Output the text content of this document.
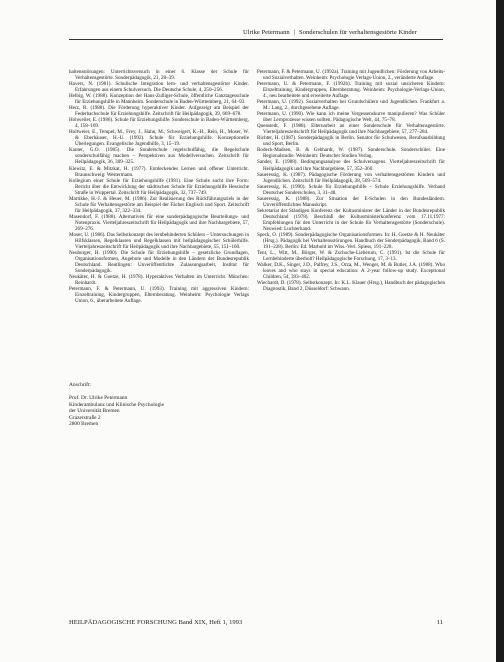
Ulrike Petermann | Sonderschulen für verhaltensgestörte Kinder

haltensstörungen: Unterrichtsversuch in einer 6. Klasse der Schule für Verhaltensgestörte. Sonderpädagogik, 21, 28–39.

Havers, N. (1981). Schulische Integration lern- und verhaltensgestörter Kinder. Erfahrungen aus einem Schulversuch. Die Deutsche Schule, 4, 250–256.

Helbig, W. (1988). Konzeption der Hans-Zulliger-Schule, öffentliche Ganztagesschule für Erziehungshilfe in Mannheim. Sonderschule in Baden-Württemberg, 21, 64–93.

Herz, R. (1988). Die Förderung hyperaktiver Kinder. Aufgezeigt am Beispiel der Federbachschule für Erziehungshilfe. Zeitschrift für Heilpädagogik, 39, 669–678.

Hohweiler, E. (1986). Schule für Erziehungshilfe. Sonderschule in Baden-Württemberg, 4, 158–169.

Holtweier, E., Tempel, M., Frey, J., Hahn, M., Schweigert, K.-H., Rein, H., Moser, W. & Eberhäuser, H.-U. (1992). Schule für Erziehungshilfe. Konzeptionelle Überlegungen. Evangelische Jugendhilfe, 3, 15–19.

Kanter, G.O. (1985). Die Sonderschule regelschulfähig, die Regelschule sonderschulfähig machen – Perspektiven aus Modellversuchen. Zeitschrift für Heilpädagogik, 36, 309–325.

Klewitz, E. & Mitzkat, H. (1977). Entdeckendes Lernen und offener Unterricht. Braunschweig: Westermann.

Kollegium einer Schule für Erziehungshilfe (1981). Eine Schule sucht ihre Form: Bericht über die Entwicklung der städtischen Schule für Erziehungshilfe Hessische Straße in Wuppertal. Zeitschrift für Heilpädagogik, 32, 737–749.

Martikke, H.-J. & Heuer, M. (1986). Zur Realisierung des Rückführungsziels in der Schule für Verhaltensgestörte am Beispiel der Fächer Englisch und Sport. Zeitschrift für Heilpädagogik, 37, 322–334.

Masendorf, F. (1988). Alternativen für eine sonderpädagogische Beurteilungs- und Notenpraxis. Vierteljahreszeitschrift für Heilpädagogik und ihre Nachbargebiete, 57, 269–276.

Moser, U. (1986). Das Selbstkonzept des lernbehinderten Schülers – Untersuchungen in Hilfsklassen, Regelklassen und Regelklassen mit heilpädagogischer Schülerhilfe. Vierteljahreszeitschrift für Heilpädagogik und ihre Nachbargebiete, 55, 151–160.

Neuburger, H. (1990). Die Schule für Erziehungshilfe – gesetzliche Grundlagen, Organisationsformen, Angebote und Modelle in den Ländern der Bundesrepublik Deutschland. Reutlingen: Unveröffentlichte Zulassungsarbeit, Institut für Sonderpädagogik.

Neukäter, H. & Goetze, H. (1978). Hyperaktives Verhalten im Unterricht. München: Reinhardt.

Petermann, F. & Petermann, U. (1993). Training mit aggressiven Kindern: Einzeltraining, Kindergruppen, Elternberatung. Weinheim: Psychologie Verlags Union, 6., überarbeitete Auflage.

Petermann, F. & Petermann, U. (1992a). Training mit Jugendlichen: Förderung von Arbeits- und Sozialverhalten. Weinheim: Psychologie Verlags-Union, 2., veränderte Auflage.

Petermann, U. & Petermann, F. (1992b). Training mit sozial unsicheren Kindern: Einzeltraining, Kindergruppen, Elternberatung. Weinheim: Psychologie-Verlags-Union, 4., neu bearbeitete und erweiterte Auflage.

Petermann, U. (1992). Sozialverhalten bei Grundschülern und Jugendlichen. Frankfurt a. M.: Lang, 2., durchgesehene Auflage.

Petermann, U. (1990). Wie kann ich meine Vergessenskurve manipulieren? Was Schüler über Lernprozesse wissen sollten. Pädagogische Welt, 44, 75–78.

Quenstedt, F. (1988). Elternarbeit an einer Sonderschule für Verhaltensgestörte. Vierteljahreszeitschrift für Heilpädagogik und ihre Nachbargebiete, 57, 277–284.

Richter, H. (1987). Sonderpädagogik in Berlin. Senator für Schulwesen, Berufsausbildung und Sport, Berlin.

Rodeck-Madsen, B. & Gebhardt, W. (1987). Sonderschule. Sonderschüler. Eine Regionalstudie. Weinheim: Deutscher Studien Verlag.

Sander, E. (1988). Bedingungsanalyse des Schulversagens. Vierteljahreszeitschrift für Heilpädagogik und ihre Nachbargebiete, 57, 352–360.

Saueressig, K. (1987). Pädagogische Förderung von verhaltensgestörten Kindern und Jugendlichen. Zeitschrift für Heilpädagogik, 38, 569–574.

Saueressig, K. (1990). Schule für Erziehungshilfe – Schule Erziehungshilfe. Verband Deutscher Sonderschulen, 3, 31–48.

Saueressig, K. (1988). Zur Situation der E-Schulen in den Bundesländern. Unveröffentlichtes Manuskript.

Sekretariat der Ständigen Konferenz der Kultusminister der Länder in der Bundesrepublik Deutschland (1978). Beschluß der Kultusministerkonferenz vom 17.11.1977: Empfehlungen für den Unterricht in der Schule für Verhaltensgestörte (Sonderschule). Neuwied: Luchterhand.

Speck, O. (1989). Sonderpädagogische Organisationsformen. In: H. Goetze & H. Neukäter (Hrsg.). Pädagogik bei Verhaltensstörungen. Handbuch der Sonderpädagogik, Band 6 (S. 191–228). Berlin: Ed. Marhold im Wiss.-Verl. Spiess, 191–228.

Tent, L., Witt, M., Bürger, W. & Zschoche-Lieberum, C. (1991). Ist die Schule für Lernbehinderte überholt? Heilpädagogische Forschung, 17, 3–13.

Walker, D.K., Singer, J.D., Palfrey, J.S., Orza, M., Wenger, M. & Butler, J.A. (1988). Who leaves and who stays in special education: A 2-year follow-up study. Exceptional Children, 54, 393–402.

Wiechardt, D. (1978). Selbstkonzept. In: K.L. Klauer (Hrsg.), Handbuch der pädagogischen Diagnostik, Band 2, Düsseldorf: Schwann.

Anschrift:
Prof. Dr. Ulrike Petermann
Kinderambulanz und Klinische Psychologie
der Universität Bremen
Grazerstraße 2
2800 Bremen
HEILPÄDAGOGISCHE FORSCHUNG Band XIX, Heft 1, 1993	11
